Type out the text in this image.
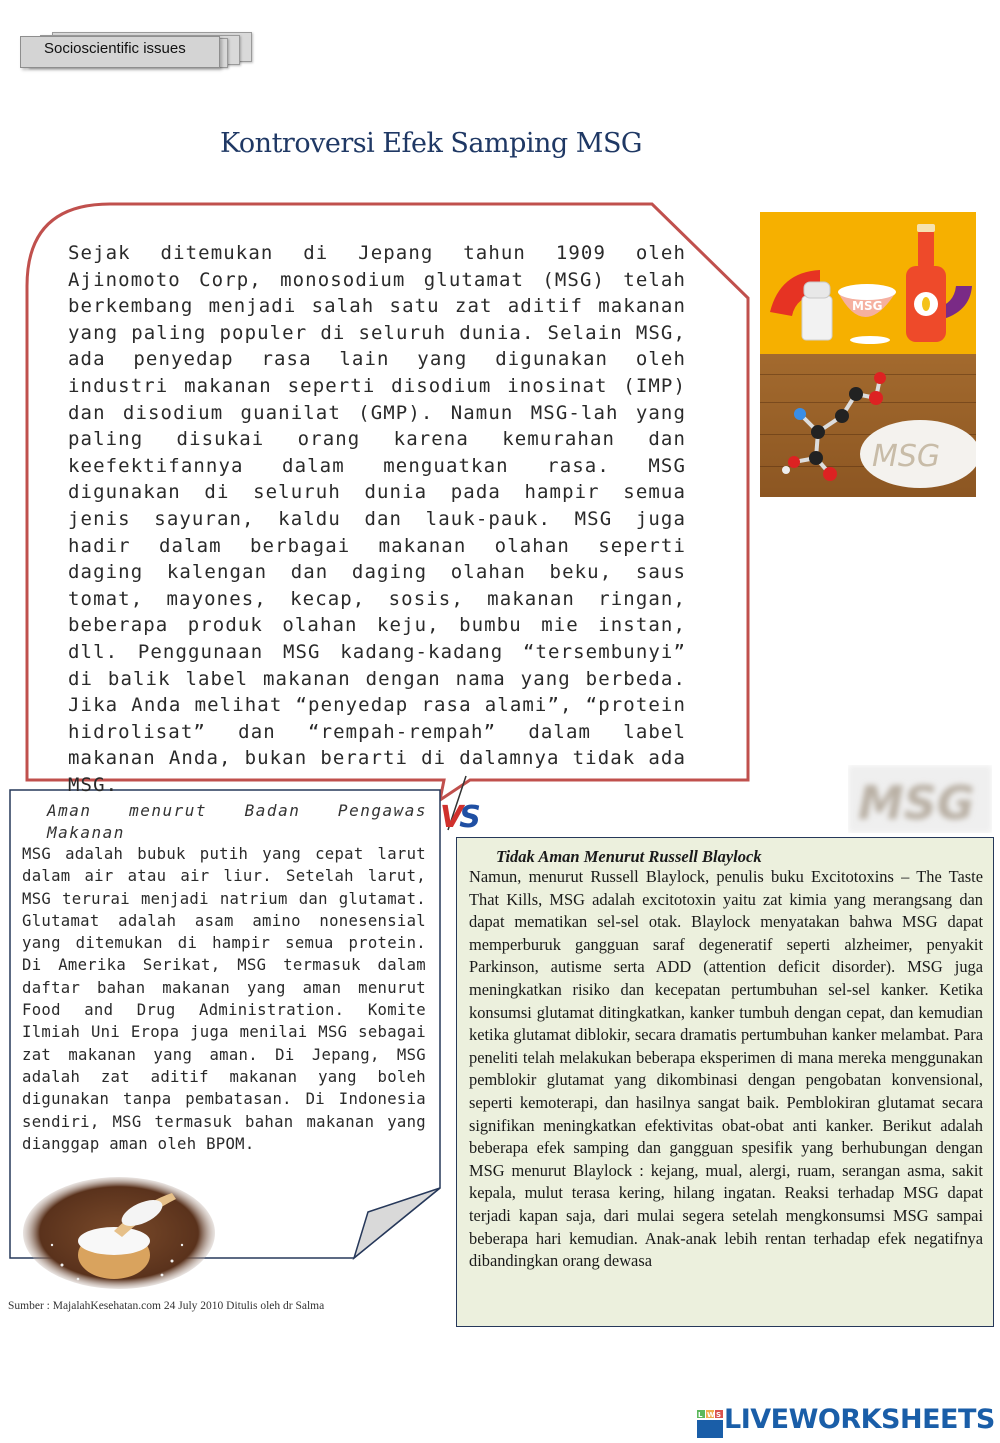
Socioscientific issues
Kontroversi Efek Samping MSG
Sejak ditemukan di Jepang tahun 1909 oleh Ajinomoto Corp, monosodium glutamat (MSG) telah berkembang menjadi salah satu zat aditif makanan yang paling populer di seluruh dunia. Selain MSG, ada penyedap rasa lain yang digunakan oleh industri makanan seperti disodium inosinat (IMP) dan disodium guanilat (GMP). Namun MSG-lah yang paling disukai orang karena kemurahan dan keefektifannya dalam menguatkan rasa. MSG digunakan di seluruh dunia pada hampir semua jenis sayuran, kaldu dan lauk-pauk. MSG juga hadir dalam berbagai makanan olahan seperti daging kalengan dan daging olahan beku, saus tomat, mayones, kecap, sosis, makanan ringan, beberapa produk olahan keju, bumbu mie instan, dll. Penggunaan MSG kadang-kadang “tersembunyi” di balik label makanan dengan nama yang berbeda. Jika Anda melihat “penyedap rasa alami”, “protein hidrolisat” dan “rempah-rempah” dalam label makanan Anda, bukan berarti di dalamnya tidak ada MSG.
MSG
MSG
MSG
Aman menurut Badan Pengawas Makanan
MSG adalah bubuk putih yang cepat larut dalam air atau air liur. Setelah larut, MSG terurai menjadi natrium dan glutamat. Glutamat adalah asam amino nonesensial yang ditemukan di hampir semua protein. Di Amerika Serikat, MSG termasuk dalam daftar bahan makanan yang aman menurut Food and Drug Administration. Komite Ilmiah Uni Eropa juga menilai MSG sebagai zat makanan yang aman. Di Jepang, MSG adalah zat aditif makanan yang boleh digunakan tanpa pembatasan. Di Indonesia sendiri, MSG termasuk bahan makanan yang dianggap aman oleh BPOM.
VS
Tidak Aman Menurut Russell Blaylock
Namun, menurut Russell Blaylock, penulis buku Excitotoxins – The Taste That Kills, MSG adalah excitotoxin yaitu zat kimia yang merangsang dan dapat mematikan sel-sel otak. Blaylock menyatakan bahwa MSG dapat memperburuk gangguan saraf degeneratif seperti alzheimer, penyakit Parkinson, autisme serta ADD (attention deficit disorder). MSG juga meningkatkan risiko dan kecepatan pertumbuhan sel-sel kanker. Ketika konsumsi glutamat ditingkatkan, kanker tumbuh dengan cepat, dan kemudian ketika glutamat diblokir, secara dramatis pertumbuhan kanker melambat. Para peneliti telah melakukan beberapa eksperimen di mana mereka menggunakan pemblokir glutamat yang dikombinasi dengan pengobatan konvensional, seperti kemoterapi, dan hasilnya sangat baik. Pemblokiran glutamat secara signifikan meningkatkan efektivitas obat-obat anti kanker. Berikut adalah beberapa efek samping dan gangguan spesifik yang berhubungan dengan MSG menurut Blaylock : kejang, mual, alergi, ruam, serangan asma, sakit kepala, mulut terasa kering, hilang ingatan. Reaksi terhadap MSG dapat terjadi kapan saja, dari mulai segera setelah mengkonsumsi MSG sampai beberapa hari kemudian. Anak-anak lebih rentan terhadap efek negatifnya dibandingkan orang dewasa
Sumber : MajalahKesehatan.com 24 July 2010 Ditulis oleh dr Salma
L W S LIVEWORKSHEETS
